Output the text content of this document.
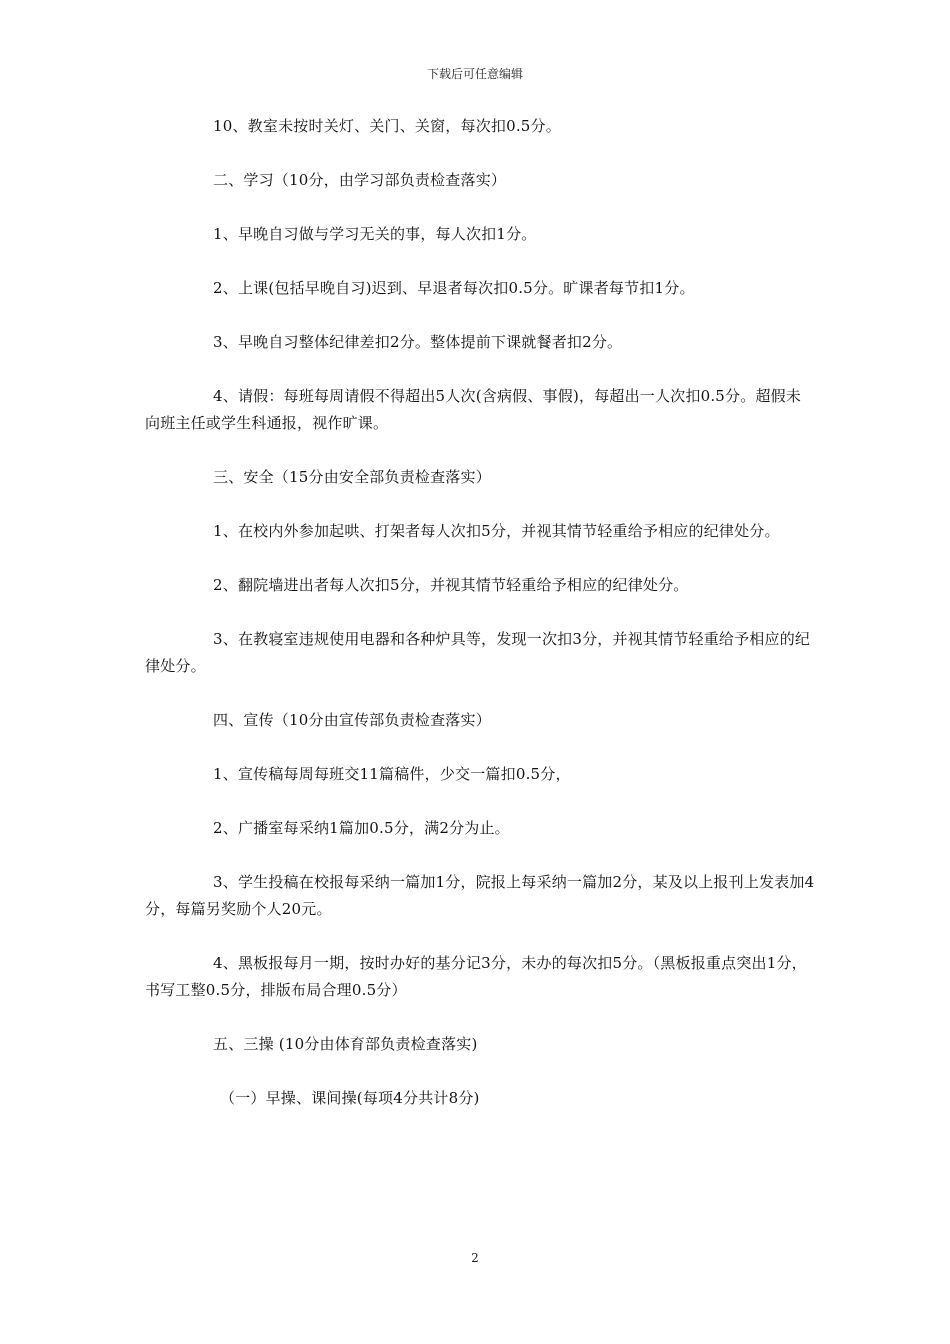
下载后可任意编辑

10、教室未按时关灯、关门、关窗，每次扣0.5分。

二、学习（10分，由学习部负责检查落实）

1、早晚自习做与学习无关的事，每人次扣1分。

2、上课(包括早晚自习)迟到、早退者每次扣0.5分。旷课者每节扣1分。

3、早晚自习整体纪律差扣2分。整体提前下课就餐者扣2分。

4、请假：每班每周请假不得超出5人次(含病假、事假)，每超出一人次扣0.5分。超假未向班主任或学生科通报，视作旷课。

三、安全（15分由安全部负责检查落实）

1、在校内外参加起哄、打架者每人次扣5分，并视其情节轻重给予相应的纪律处分。

2、翻院墙进出者每人次扣5分，并视其情节轻重给予相应的纪律处分。

3、在教寝室违规使用电器和各种炉具等，发现一次扣3分，并视其情节轻重给予相应的纪律处分。

四、宣传（10分由宣传部负责检查落实）

1、宣传稿每周每班交11篇稿件，少交一篇扣0.5分，

2、广播室每采纳1篇加0.5分，满2分为止。

3、学生投稿在校报每采纳一篇加1分，院报上每采纳一篇加2分，某及以上报刊上发表加4分，每篇另奖励个人20元。

4、黑板报每月一期，按时办好的基分记3分，未办的每次扣5分。（黑板报重点突出1分，书写工整0.5分，排版布局合理0.5分）

五、三操 (10分由体育部负责检查落实)

（一）早操、课间操(每项4分共计8分)

2
